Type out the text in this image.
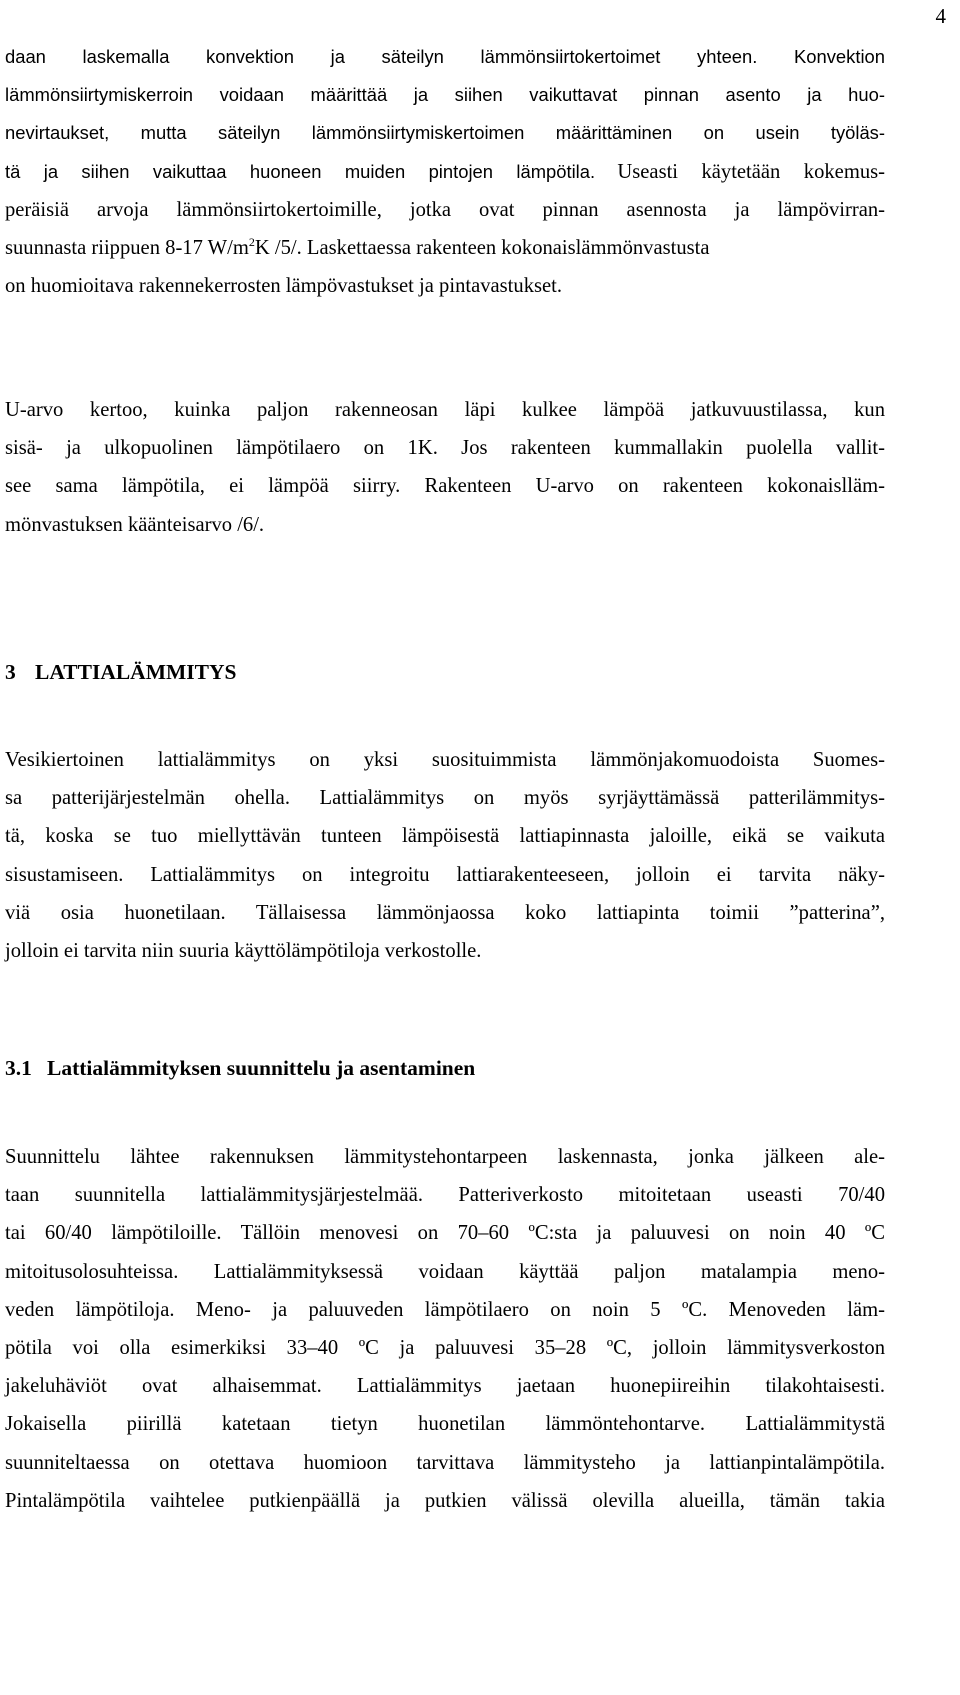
4
daan laskemalla konvektion ja säteilyn lämmönsiirtokertoimet yhteen. Konvektion
lämmönsiirtymiskerroin voidaan määrittää ja siihen vaikuttavat pinnan asento ja huo-
nevirtaukset, mutta säteilyn lämmönsiirtymiskertoimen määrittäminen on usein työläs-
tä ja siihen vaikuttaa huoneen muiden pintojen lämpötila. Useasti käytetään kokemus-
peräisiä arvoja lämmönsiirtokertoimille, jotka ovat pinnan asennosta ja lämpövirran-
suunnasta riippuen 8-17 $W/m^2K$ /5/. Laskettaessa rakenteen kokonaislämmönvastusta
on huomioitava rakennekerrosten lämpövastukset ja pintavastukset.
U-arvo kertoo, kuinka paljon rakenneosan läpi kulkee lämpöä jatkuvuustilassa, kun
sisä- ja ulkopuolinen lämpötilaero on 1K. Jos rakenteen kummallakin puolella vallit-
see sama lämpötila, ei lämpöä siirry. Rakenteen U-arvo on rakenteen kokonaislläm-
mönvastuksen käänteisarvo /6/.
3 LATTIALÄMMITYS
Vesikiertoinen lattialämmitys on yksi suosituimmista lämmönjakomuodoista Suomes-
sa patterijärjestelmän ohella. Lattialämmitys on myös syrjäyttämässä patterilämmitys-
tä, koska se tuo miellyttävän tunteen lämpöisestä lattiapinnasta jaloille, eikä se vaikuta
sisustamiseen. Lattialämmitys on integroitu lattiarakenteeseen, jolloin ei tarvita näky-
viä osia huonetilaan. Tällaisessa lämmönjaossa koko lattiapinta toimii ”patterina”,
jolloin ei tarvita niin suuria käyttölämpötiloja verkostolle.
3.1 Lattialämmityksen suunnittelu ja asentaminen
Suunnittelu lähtee rakennuksen lämmitystehontarpeen laskennasta, jonka jälkeen ale-
taan suunnitella lattialämmitysjärjestelmää. Patteriverkosto mitoitetaan useasti 70/40
tai 60/40 lämpötiloille. Tällöin menovesi on 70–60 ºC:sta ja paluuvesi on noin 40 ºC
mitoitusolosuhteissa. Lattialämmityksessä voidaan käyttää paljon matalampia meno-
veden lämpötiloja. Meno- ja paluuveden lämpötilaero on noin 5 ºC. Menoveden läm-
pötila voi olla esimerkiksi 33–40 ºC ja paluuvesi 35–28 ºC, jolloin lämmitysverkoston
jakeluhäviöt ovat alhaisemmat. Lattialämmitys jaetaan huonepiireihin tilakohtaisesti.
Jokaisella piirillä katetaan tietyn huonetilan lämmöntehontarve. Lattialämmitystä
suunniteltaessa on otettava huomioon tarvittava lämmitysteho ja lattianpintalämpötila.
Pintalämpötila vaihtelee putkienpäällä ja putkien välissä olevilla alueilla, tämän takia
